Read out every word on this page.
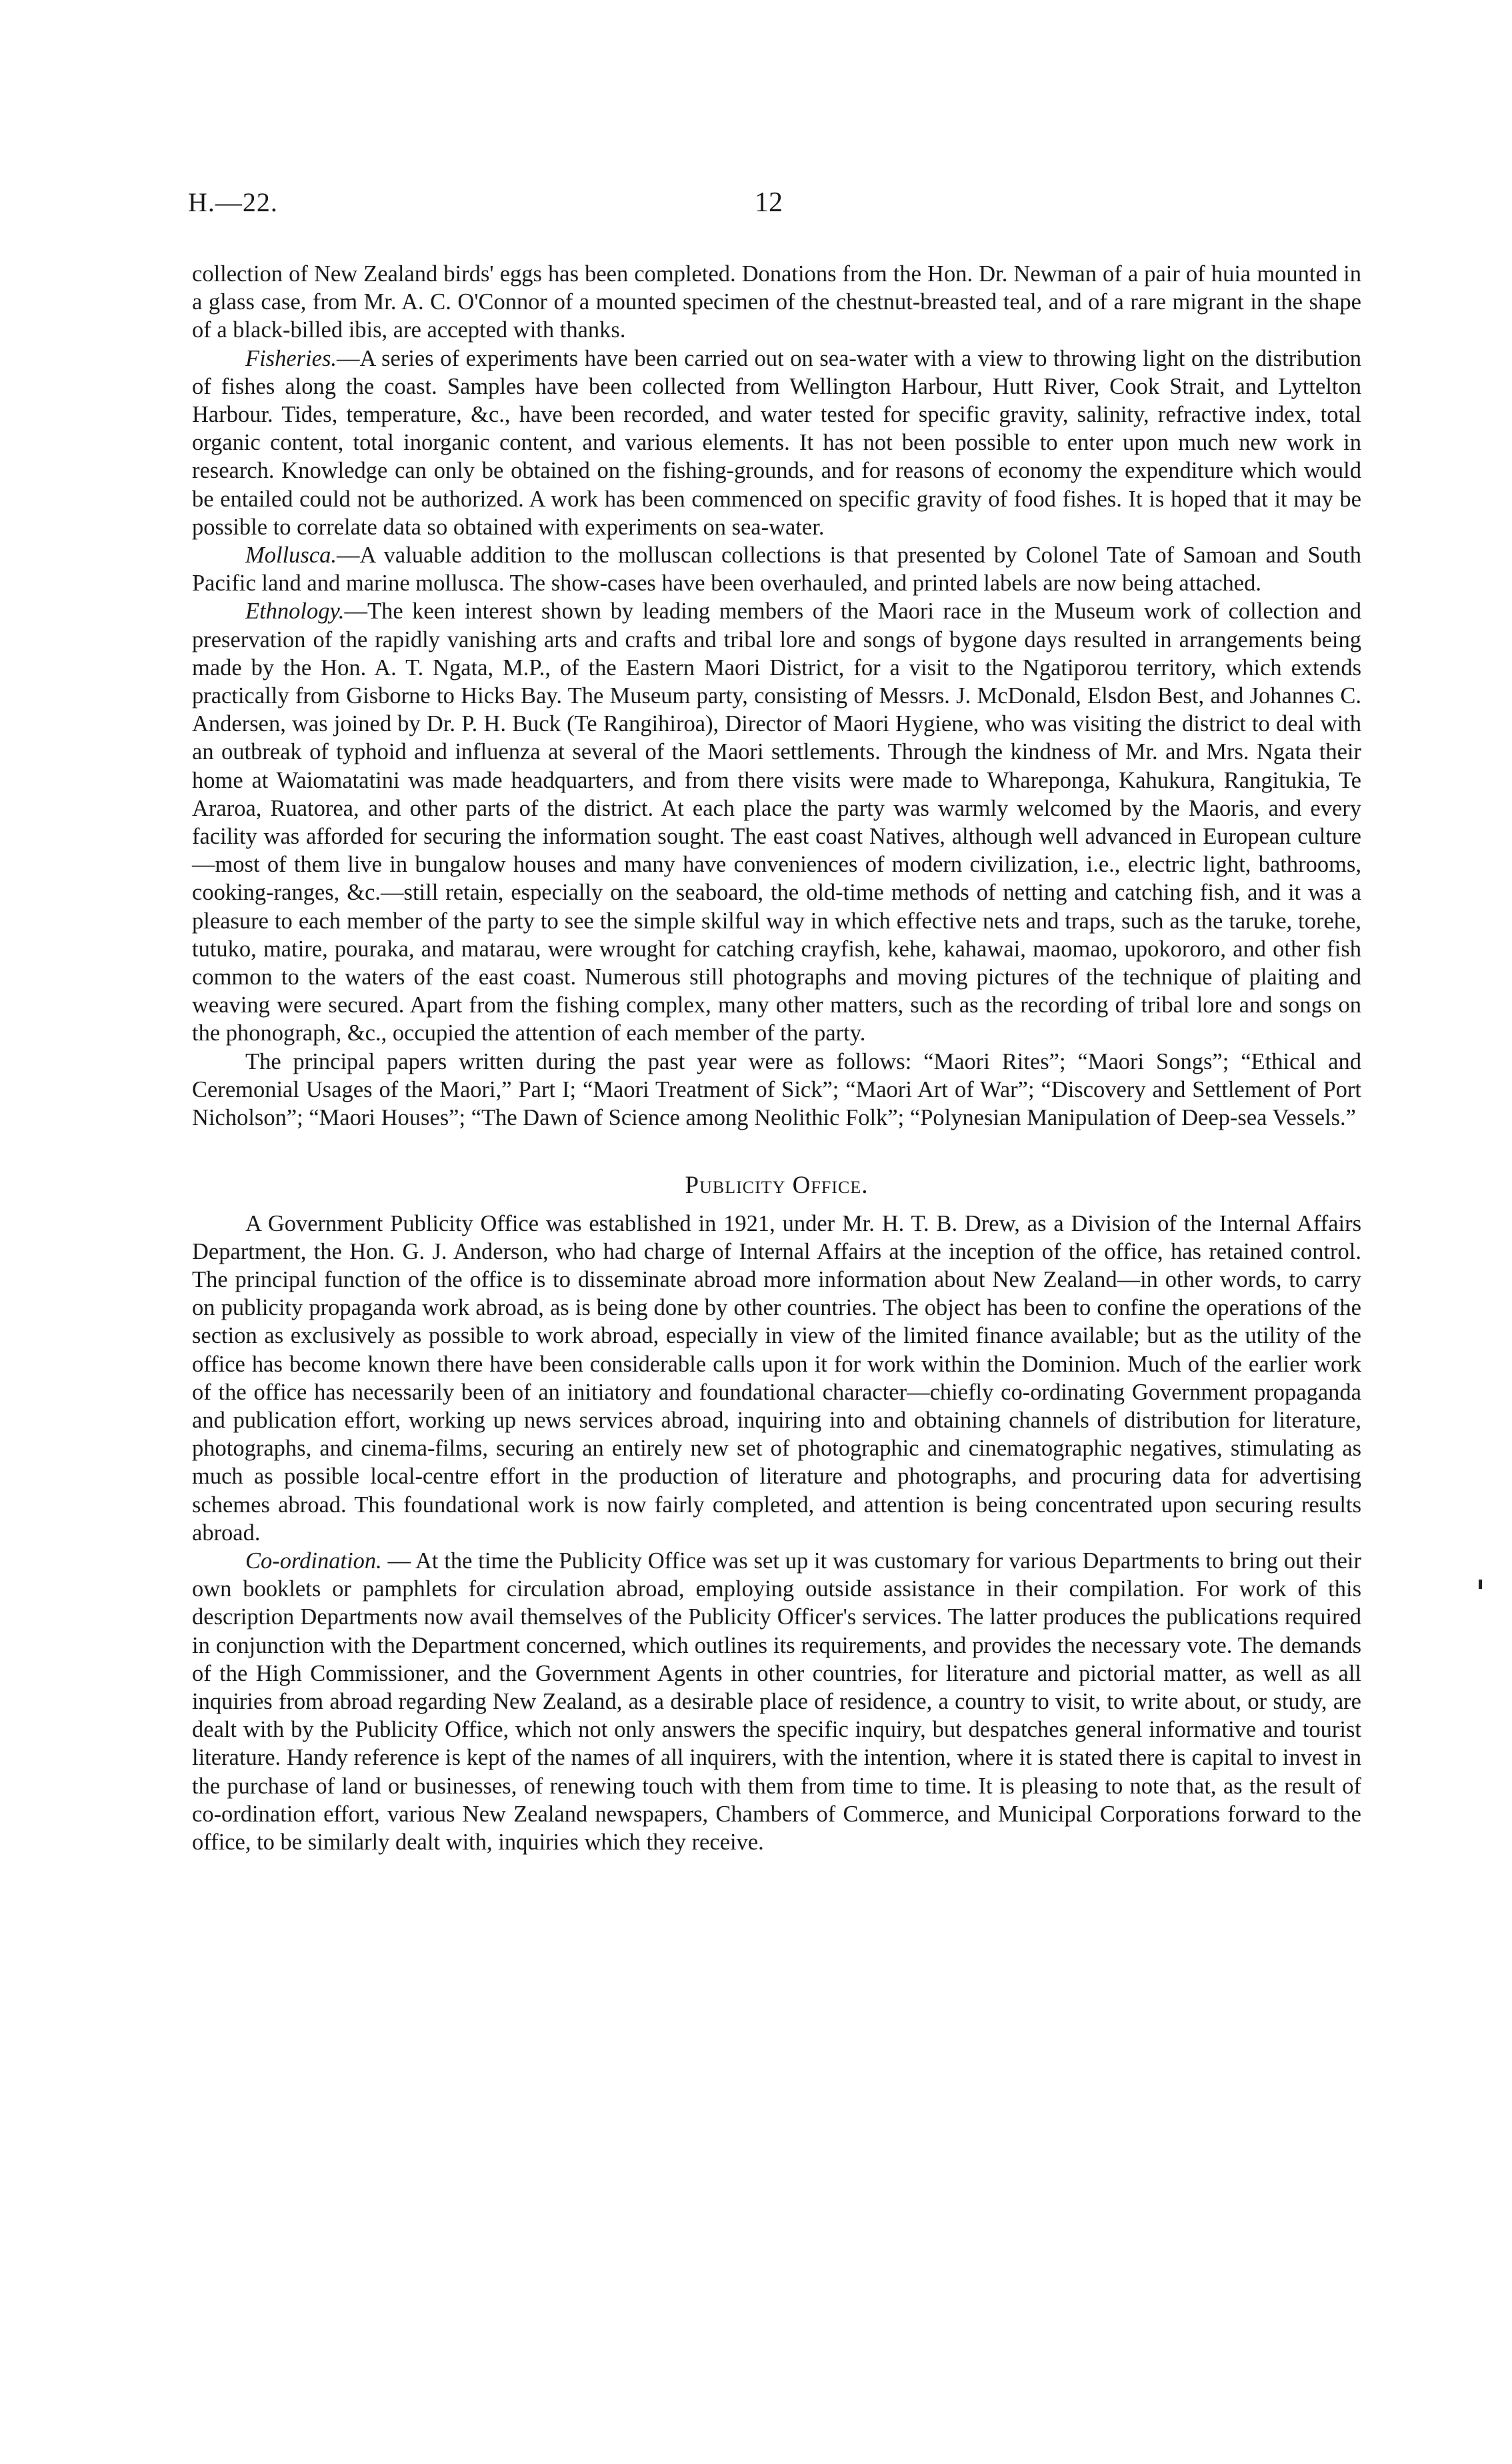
H.—22.	12

collection of New Zealand birds' eggs has been completed. Donations from the Hon. Dr. Newman of a pair of huia mounted in a glass case, from Mr. A. C. O'Connor of a mounted specimen of the chestnut-breasted teal, and of a rare migrant in the shape of a black-billed ibis, are accepted with thanks.

Fisheries.—A series of experiments have been carried out on sea-water with a view to throwing light on the distribution of fishes along the coast. Samples have been collected from Wellington Harbour, Hutt River, Cook Strait, and Lyttelton Harbour. Tides, temperature, &c., have been recorded, and water tested for specific gravity, salinity, refractive index, total organic content, total inorganic content, and various elements. It has not been possible to enter upon much new work in research. Knowledge can only be obtained on the fishing-grounds, and for reasons of economy the expenditure which would be entailed could not be authorized. A work has been commenced on specific gravity of food fishes. It is hoped that it may be possible to correlate data so obtained with experiments on sea-water.

Mollusca.—A valuable addition to the molluscan collections is that presented by Colonel Tate of Samoan and South Pacific land and marine mollusca. The show-cases have been overhauled, and printed labels are now being attached.

Ethnology.—The keen interest shown by leading members of the Maori race in the Museum work of collection and preservation of the rapidly vanishing arts and crafts and tribal lore and songs of bygone days resulted in arrangements being made by the Hon. A. T. Ngata, M.P., of the Eastern Maori District, for a visit to the Ngatiporou territory, which extends practically from Gisborne to Hicks Bay. The Museum party, consisting of Messrs. J. McDonald, Elsdon Best, and Johannes C. Andersen, was joined by Dr. P. H. Buck (Te Rangihiroa), Director of Maori Hygiene, who was visiting the district to deal with an outbreak of typhoid and influenza at several of the Maori settlements. Through the kindness of Mr. and Mrs. Ngata their home at Waiomatatini was made headquarters, and from there visits were made to Whareponga, Kahukura, Rangitukia, Te Araroa, Ruatorea, and other parts of the district. At each place the party was warmly welcomed by the Maoris, and every facility was afforded for securing the information sought. The east coast Natives, although well advanced in European culture—most of them live in bungalow houses and many have conveniences of modern civilization, i.e., electric light, bathrooms, cooking-ranges, &c.—still retain, especially on the seaboard, the old-time methods of netting and catching fish, and it was a pleasure to each member of the party to see the simple skilful way in which effective nets and traps, such as the taruke, torehe, tutuko, matire, pouraka, and matarau, were wrought for catching crayfish, kehe, kahawai, maomao, upokororo, and other fish common to the waters of the east coast. Numerous still photographs and moving pictures of the technique of plaiting and weaving were secured. Apart from the fishing complex, many other matters, such as the recording of tribal lore and songs on the phonograph, &c., occupied the attention of each member of the party.

The principal papers written during the past year were as follows: “Maori Rites”; “Maori Songs”; “Ethical and Ceremonial Usages of the Maori,” Part I; “Maori Treatment of Sick”; “Maori Art of War”; “Discovery and Settlement of Port Nicholson”; “Maori Houses”; “The Dawn of Science among Neolithic Folk”; “Polynesian Manipulation of Deep-sea Vessels.”

Publicity Office.

A Government Publicity Office was established in 1921, under Mr. H. T. B. Drew, as a Division of the Internal Affairs Department, the Hon. G. J. Anderson, who had charge of Internal Affairs at the inception of the office, has retained control. The principal function of the office is to disseminate abroad more information about New Zealand—in other words, to carry on publicity propaganda work abroad, as is being done by other countries. The object has been to confine the operations of the section as exclusively as possible to work abroad, especially in view of the limited finance available; but as the utility of the office has become known there have been considerable calls upon it for work within the Dominion. Much of the earlier work of the office has necessarily been of an initiatory and foundational character—chiefly co-ordinating Government propaganda and publication effort, working up news services abroad, inquiring into and obtaining channels of distribution for literature, photographs, and cinema-films, securing an entirely new set of photographic and cinematographic negatives, stimulating as much as possible local-centre effort in the production of literature and photographs, and procuring data for advertising schemes abroad. This foundational work is now fairly completed, and attention is being concentrated upon securing results abroad.

Co-ordination. — At the time the Publicity Office was set up it was customary for various Departments to bring out their own booklets or pamphlets for circulation abroad, employing outside assistance in their compilation. For work of this description Departments now avail themselves of the Publicity Officer's services. The latter produces the publications required in conjunction with the Department concerned, which outlines its requirements, and provides the necessary vote. The demands of the High Commissioner, and the Government Agents in other countries, for literature and pictorial matter, as well as all inquiries from abroad regarding New Zealand, as a desirable place of residence, a country to visit, to write about, or study, are dealt with by the Publicity Office, which not only answers the specific inquiry, but despatches general informative and tourist literature. Handy reference is kept of the names of all inquirers, with the intention, where it is stated there is capital to invest in the purchase of land or businesses, of renewing touch with them from time to time. It is pleasing to note that, as the result of co-ordination effort, various New Zealand newspapers, Chambers of Commerce, and Municipal Corporations forward to the office, to be similarly dealt with, inquiries which they receive.
